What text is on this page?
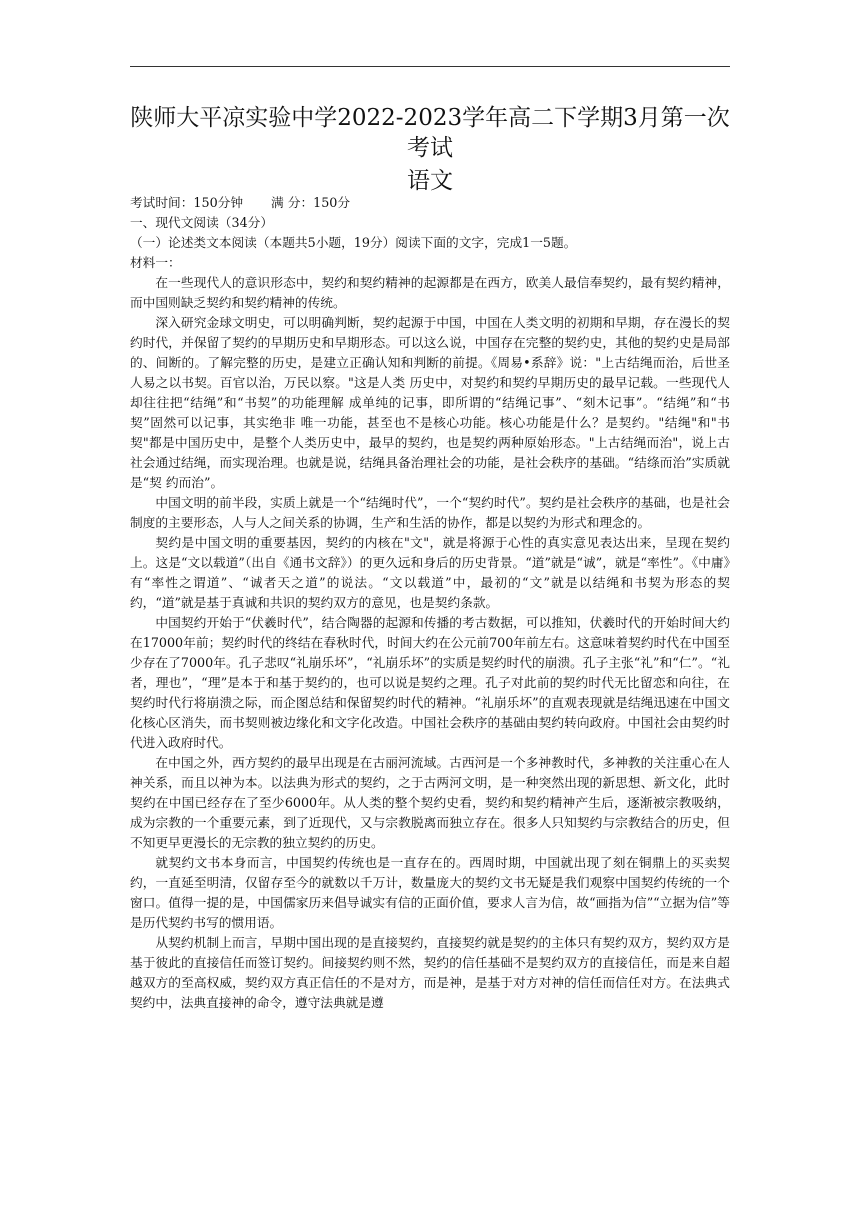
陕师大平凉实验中学2022-2023学年高二下学期3月第一次考试
语文

考试时间：150分钟 满 分：150分

一、现代文阅读（34分）

（一）论述类文本阅读（本题共5小题，19分）阅读下面的文字，完成1一5题。

材料一：

在一些现代人的意识形态中，契约和契约精神的起源都是在西方，欧美人最信奉契约，最有契约精神，而中国则缺乏契约和契约精神的传统。

深入研究金球文明史，可以明确判断，契约起源于中国，中国在人类文明的初期和早期，存在漫长的契约时代，并保留了契约的早期历史和早期形态。可以这么说，中国存在完整的契约史，其他的契约史是局部的、间断的。了解完整的历史，是建立正确认知和判断的前提。《周易•系辞》说："上古结绳而治，后世圣人易之以书契。百官以治，万民以察。"这是人类 历史中，对契约和契约早期历史的最早记载。一些现代人却往往把“结绳”和“书契”的功能理解 成单纯的记事，即所谓的“结绳记事”、“刻木记事”。“结绳”和“书契”固然可以记事，其实绝非 唯一功能，甚至也不是核心功能。核心功能是什么？是契约。"结绳"和"书契"都是中国历史中，是整个人类历史中，最早的契约，也是契约两种原始形态。"上古结绳而治"，说上古社会通过结绳，而实现治理。也就是说，结绳具备治理社会的功能，是社会秩序的基础。“结绦而治”实质就是“契 约而治”。

中国文明的前半段，实质上就是一个“结绳时代”，一个“契约时代”。契约是社会秩序的基础，也是社会制度的主要形态，人与人之间关系的协调，生产和生活的协作，都是以契约为形式和理念的。

契约是中国文明的重要基因，契约的内核在"文"，就是将源于心性的真实意见表达出来，呈现在契约上。这是“文以载道”（出自《通书文辞》）的更久远和身后的历史背景。“道”就是“诚”，就是“率性”。《中庸》有“率性之谓道”、“诚者天之道”的说法。“文以载道”中，最初的“文”就是以结绳和书契为形态的契约，“道”就是基于真诚和共识的契约双方的意见，也是契约条款。

中国契约开始于“伏羲时代”，结合陶器的起源和传播的考古数据，可以推知，伏羲时代的开始时间大约在17000年前；契约时代的终结在春秋时代，时间大约在公元前700年前左右。这意味着契约时代在中国至少存在了7000年。孔子悲叹“礼崩乐坏”，“礼崩乐坏”的实质是契约时代的崩溃。孔子主张“礼”和“仁”。“礼者，理也”，“理”是本于和基于契约的，也可以说是契约之理。孔子对此前的契约时代无比留恋和向往，在契约时代行将崩溃之际，而企图总结和保留契约时代的精神。“礼崩乐坏”的直观表现就是结绳迅速在中国文化核心区消失，而书契则被边缘化和文字化改造。中国社会秩序的基础由契约转向政府。中国社会由契约时代进入政府时代。

在中国之外，西方契约的最早出现是在古丽河流域。古西河是一个多神教时代，多神教的关注重心在人神关系，而且以神为本。以法典为形式的契约，之于古两河文明，是一种突然出现的新思想、新文化，此时契约在中国已经存在了至少6000年。从人类的整个契约史看，契约和契约精神产生后，逐渐被宗教吸纳，成为宗教的一个重要元素，到了近现代，又与宗教脱离而独立存在。很多人只知契约与宗教结合的历史，但不知更早更漫长的无宗教的独立契约的历史。

就契约文书本身而言，中国契约传统也是一直存在的。西周时期，中国就出现了刻在铜鼎上的买卖契约，一直延至明清，仅留存至今的就数以千万计，数量庞大的契约文书无疑是我们观察中国契约传统的一个窗口。值得一提的是，中国儒家历来倡导诚实有信的正面价值，要求人言为信，故“画指为信”“立据为信”等是历代契约书写的惯用语。

从契约机制上而言，早期中国出现的是直接契约，直接契约就是契约的主体只有契约双方，契约双方是基于彼此的直接信任而签订契约。间接契约则不然，契约的信任基础不是契约双方的直接信任，而是来自超越双方的至高权威，契约双方真正信任的不是对方，而是神，是基于对方对神的信任而信任对方。在法典式契约中，法典直接神的命令，遵守法典就是遵
